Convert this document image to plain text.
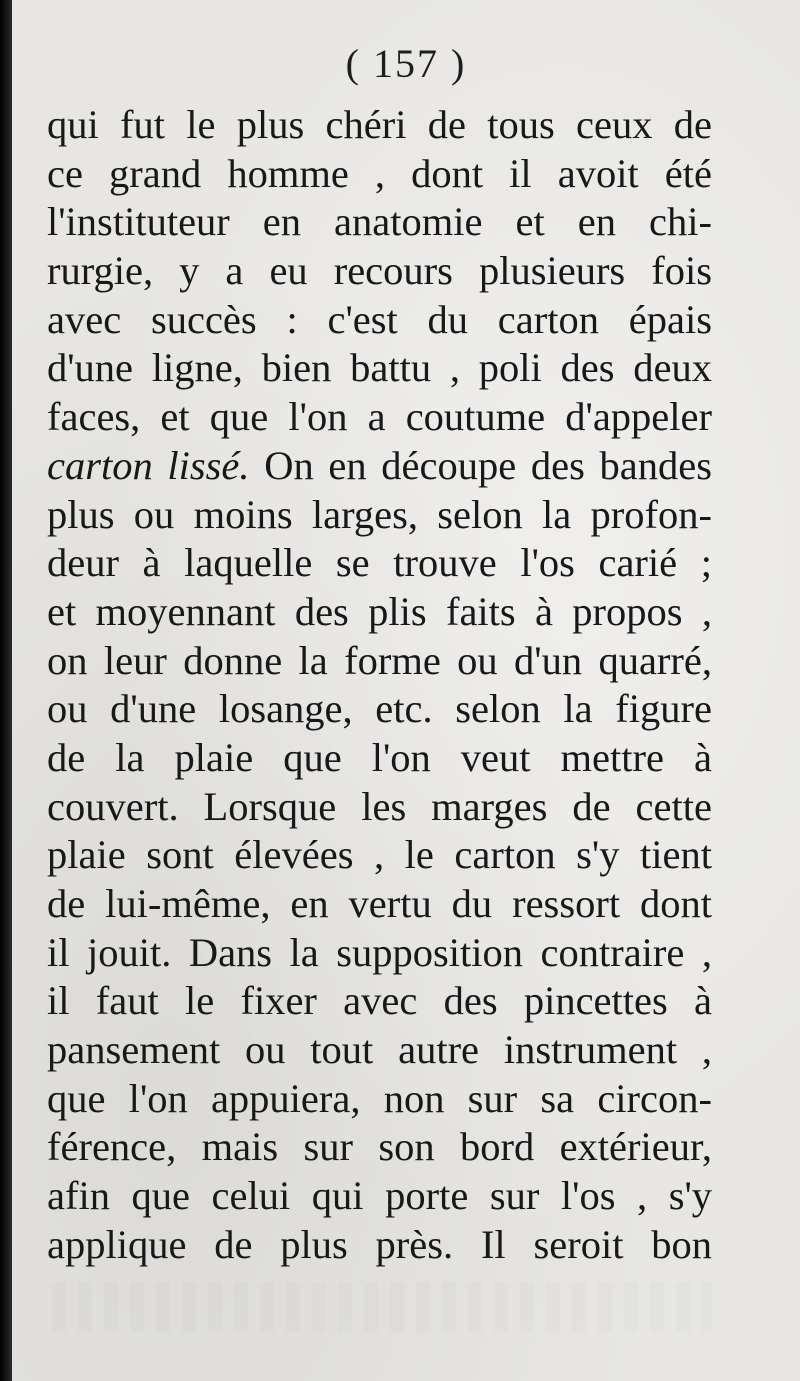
( 157 )
qui fut le plus chéri de tous ceux de
ce grand homme , dont il avoit été
l'instituteur en anatomie et en chi-
rurgie, y a eu recours plusieurs fois
avec succès : c'est du carton épais
d'une ligne, bien battu , poli des deux
faces, et que l'on a coutume d'appeler
carton lissé. On en découpe des bandes
plus ou moins larges, selon la profon-
deur à laquelle se trouve l'os carié ;
et moyennant des plis faits à propos ,
on leur donne la forme ou d'un quarré,
ou d'une losange, etc. selon la figure
de la plaie que l'on veut mettre à
couvert. Lorsque les marges de cette
plaie sont élevées , le carton s'y tient
de lui-même, en vertu du ressort dont
il jouit. Dans la supposition contraire ,
il faut le fixer avec des pincettes à
pansement ou tout autre instrument ,
que l'on appuiera, non sur sa circon-
férence, mais sur son bord extérieur,
afin que celui qui porte sur l'os , s'y
applique de plus près. Il seroit bon
